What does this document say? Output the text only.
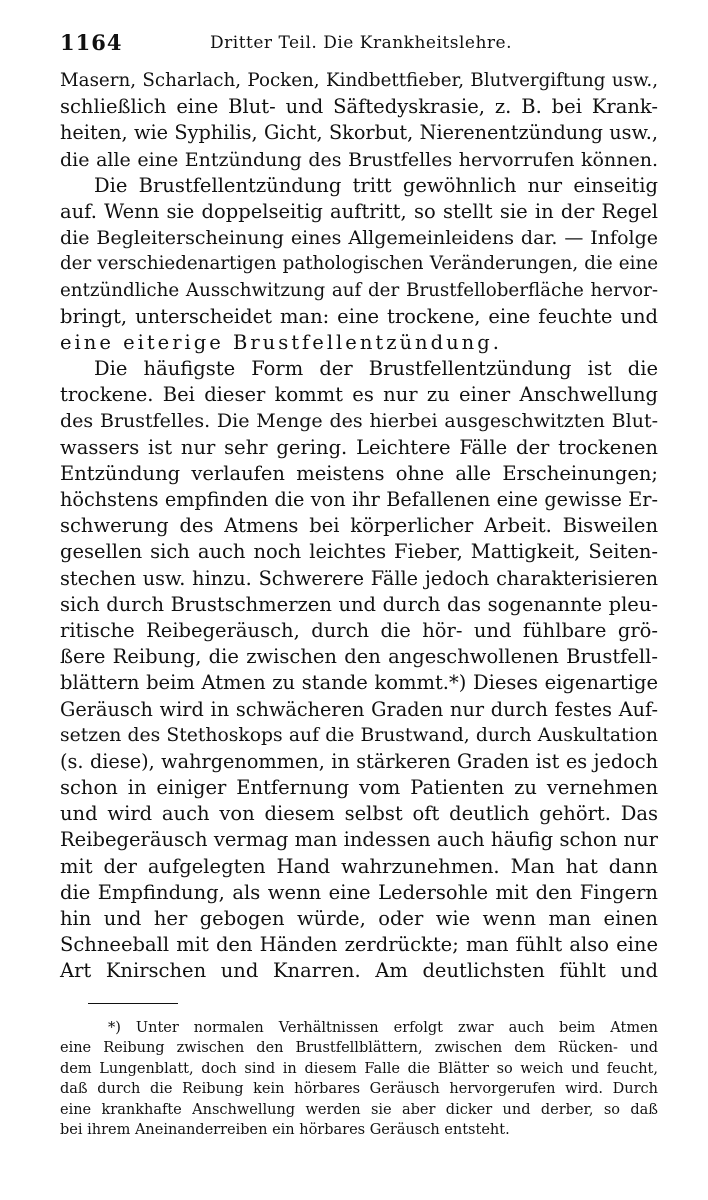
1164	Dritter Teil. Die Krankheitslehre.
Masern, Scharlach, Pocken, Kindbettfieber, Blutvergiftung usw.,
schließlich eine Blut- und Säftedyskrasie, z. B. bei Krank-
heiten, wie Syphilis, Gicht, Skorbut, Nierenentzündung usw.,
die alle eine Entzündung des Brustfelles hervorrufen können.
Die Brustfellentzündung tritt gewöhnlich nur einseitig
auf. Wenn sie doppelseitig auftritt, so stellt sie in der Regel
die Begleiterscheinung eines Allgemeinleidens dar. — Infolge
der verschiedenartigen pathologischen Veränderungen, die eine
entzündliche Ausschwitzung auf der Brustfelloberfläche hervor-
bringt, unterscheidet man: eine trockene, eine feuchte und
eine eiterige Brustfellentzündung.
Die häufigste Form der Brustfellentzündung ist die
trockene. Bei dieser kommt es nur zu einer Anschwellung
des Brustfelles. Die Menge des hierbei ausgeschwitzten Blut-
wassers ist nur sehr gering. Leichtere Fälle der trockenen
Entzündung verlaufen meistens ohne alle Erscheinungen;
höchstens empfinden die von ihr Befallenen eine gewisse Er-
schwerung des Atmens bei körperlicher Arbeit. Bisweilen
gesellen sich auch noch leichtes Fieber, Mattigkeit, Seiten-
stechen usw. hinzu. Schwerere Fälle jedoch charakterisieren
sich durch Brustschmerzen und durch das sogenannte pleu-
ritische Reibegeräusch, durch die hör- und fühlbare grö-
ßere Reibung, die zwischen den angeschwollenen Brustfell-
blättern beim Atmen zu stande kommt.*) Dieses eigenartige
Geräusch wird in schwächeren Graden nur durch festes Auf-
setzen des Stethoskops auf die Brustwand, durch Auskultation
(s. diese), wahrgenommen, in stärkeren Graden ist es jedoch
schon in einiger Entfernung vom Patienten zu vernehmen
und wird auch von diesem selbst oft deutlich gehört. Das
Reibegeräusch vermag man indessen auch häufig schon nur
mit der aufgelegten Hand wahrzunehmen. Man hat dann
die Empfindung, als wenn eine Ledersohle mit den Fingern
hin und her gebogen würde, oder wie wenn man einen
Schneeball mit den Händen zerdrückte; man fühlt also eine
Art Knirschen und Knarren. Am deutlichsten fühlt und
*) Unter normalen Verhältnissen erfolgt zwar auch beim Atmen
eine Reibung zwischen den Brustfellblättern, zwischen dem Rücken- und
dem Lungenblatt, doch sind in diesem Falle die Blätter so weich und feucht,
daß durch die Reibung kein hörbares Geräusch hervorgerufen wird. Durch
eine krankhafte Anschwellung werden sie aber dicker und derber, so daß
bei ihrem Aneinanderreiben ein hörbares Geräusch entsteht.
